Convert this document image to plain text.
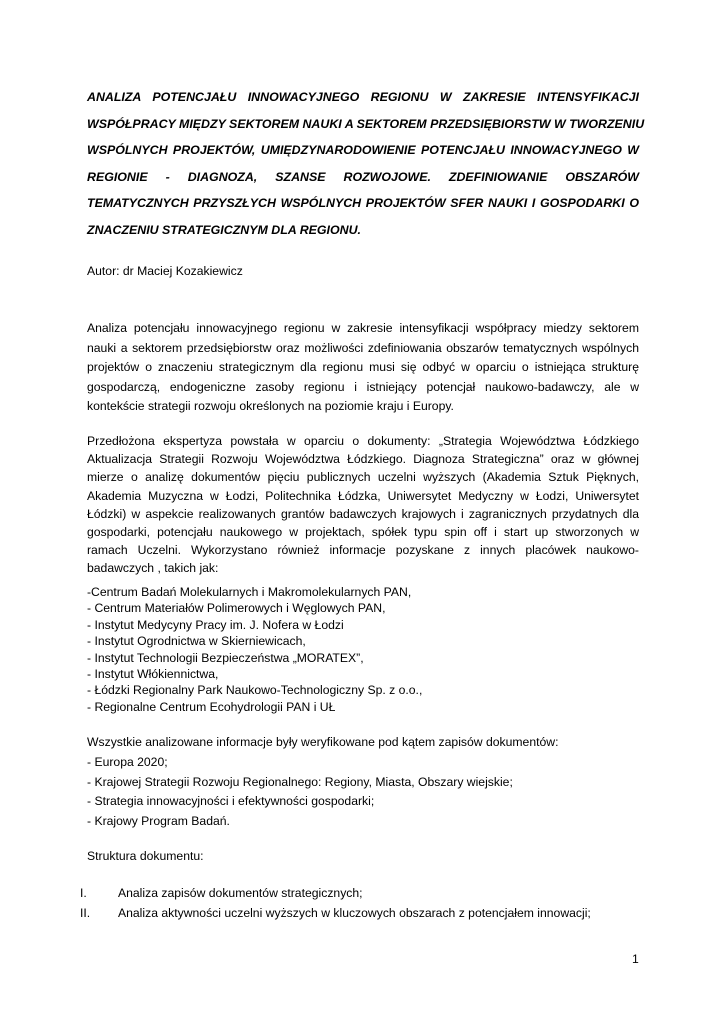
ANALIZA POTENCJAŁU INNOWACYJNEGO REGIONU W ZAKRESIE INTENSYFIKACJI
WSPÓŁPRACY MIĘDZY SEKTOREM NAUKI A SEKTOREM PRZEDSIĘBIORSTW W TWORZENIU
WSPÓLNYCH PROJEKTÓW, UMIĘDZYNARODOWIENIE POTENCJAŁU INNOWACYJNEGO W
REGIONIE - DIAGNOZA, SZANSE ROZWOJOWE. ZDEFINIOWANIE OBSZARÓW
TEMATYCZNYCH PRZYSZŁYCH WSPÓLNYCH PROJEKTÓW SFER NAUKI I GOSPODARKI O
ZNACZENIU STRATEGICZNYM DLA REGIONU.
Autor: dr Maciej Kozakiewicz
Analiza potencjału innowacyjnego regionu w zakresie intensyfikacji współpracy miedzy sektorem
nauki a sektorem przedsiębiorstw oraz możliwości zdefiniowania obszarów tematycznych wspólnych
projektów o znaczeniu strategicznym dla regionu musi się odbyć w oparciu o istniejąca strukturę
gospodarczą, endogeniczne zasoby regionu i istniejący potencjał naukowo-badawczy, ale w
kontekście strategii rozwoju określonych na poziomie kraju i Europy.
Przedłożona ekspertyza powstała w oparciu o dokumenty: „Strategia Województwa Łódzkiego
Aktualizacja Strategii Rozwoju Województwa Łódzkiego. Diagnoza Strategiczna” oraz w głównej
mierze o analizę dokumentów pięciu publicznych uczelni wyższych (Akademia Sztuk Pięknych,
Akademia Muzyczna w Łodzi, Politechnika Łódzka, Uniwersytet Medyczny w Łodzi, Uniwersytet
Łódzki) w aspekcie realizowanych grantów badawczych krajowych i zagranicznych przydatnych dla
gospodarki, potencjału naukowego w projektach, spółek typu spin off i start up stworzonych w
ramach Uczelni. Wykorzystano również informacje pozyskane z innych placówek naukowo-
badawczych , takich jak:
-Centrum Badań Molekularnych i Makromolekularnych PAN,
- Centrum Materiałów Polimerowych i Węglowych PAN,
- Instytut Medycyny Pracy im. J. Nofera w Łodzi
- Instytut Ogrodnictwa w Skierniewicach,
- Instytut Technologii Bezpieczeństwa „MORATEX”,
- Instytut Włókiennictwa,
- Łódzki Regionalny Park Naukowo-Technologiczny Sp. z o.o.,
- Regionalne Centrum Ecohydrologii PAN i UŁ
Wszystkie analizowane informacje były weryfikowane pod kątem zapisów dokumentów:
- Europa 2020;
- Krajowej Strategii Rozwoju Regionalnego: Regiony, Miasta, Obszary wiejskie;
- Strategia innowacyjności i efektywności gospodarki;
- Krajowy Program Badań.
Struktura dokumentu:
I.	Analiza zapisów dokumentów strategicznych;
II.	Analiza aktywności uczelni wyższych w kluczowych obszarach z potencjałem innowacji;
1
